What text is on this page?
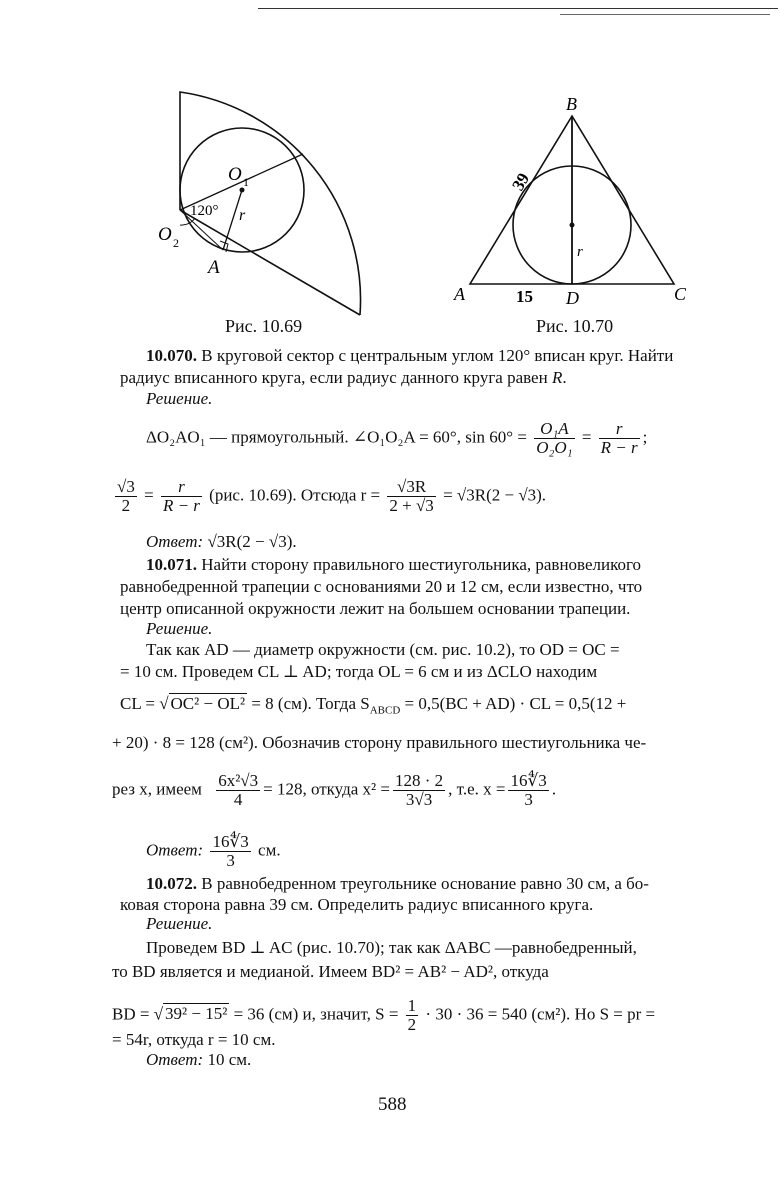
120°
O 1
O 2
A
r
Рис. 10.69
B
A	C
D
r
39
15
Рис. 10.70
10.070. В круговой сектор с центральным углом 120° вписан круг. Найти
радиус вписанного круга, если радиус данного круга равен R.
Решение.
ΔO₂AO₁ — прямоугольный. ∠O₁O₂A = 60°, $\sin 60^\circ = \frac{\text{O₁A}}{\text{O₂O₁}} = \frac{r}{R - r}$ ;
$\frac{√3}{2} = \frac{r}{R - r} (рис$. 10.69). Отсюда $r = \frac{√3R}{2 + √3} = √3R(2 - √3)$.
Ответ: √3R(2 − √3).
10.071. Найти сторону правильного шестиугольника, равновеликого
равнобедренной трапеции с основаниями 20 и 12 см, если известно, что
центр описанной окружности лежит на большем основании трапеции.
Решение.
Так как AD — диаметр окружности (см. рис. 10.2), то OD = OC =
= 10 см. Проведем CL ⊥ AD; тогда OL = 6 см и из ΔCLO находим
CL = √ OC² − OL² = 8 (см). Тогда $S_{ABCD} = 0,5(BC + AD)$ · CL = 0,5(12 +
+ 20) · 8 = 128 (см²). Обозначив сторону правильного шестиугольника че-
рез x, имеем $\frac{\text{6x²√3}}{4} = 128$, откуда $x^2 = \frac{128 \cdot 2}{3√3}$ , т.е. $x = \frac{16∜3}{3}$ .
Ответ: $\frac{16∜3}{3}$ см.
10.072. В равнобедренном треугольнике основание равно 30 см, а бо-
ковая сторона равна 39 см. Определить радиус вписанного круга.
Решение.
Проведем BD ⊥ AC (рис. 10.70); так как ΔABC —равнобедренный,
то BD является и медианой. Имеем BD² = AB² − AD², откуда
BD = √ 39² − 15² = 36 (см) и, значит, $S = \frac{1}{2} \cdot 30 \cdot 36 = 540$ (см²). Но S = pr =
= 54r, откуда r = 10 см.
Ответ: 10 см.
588
